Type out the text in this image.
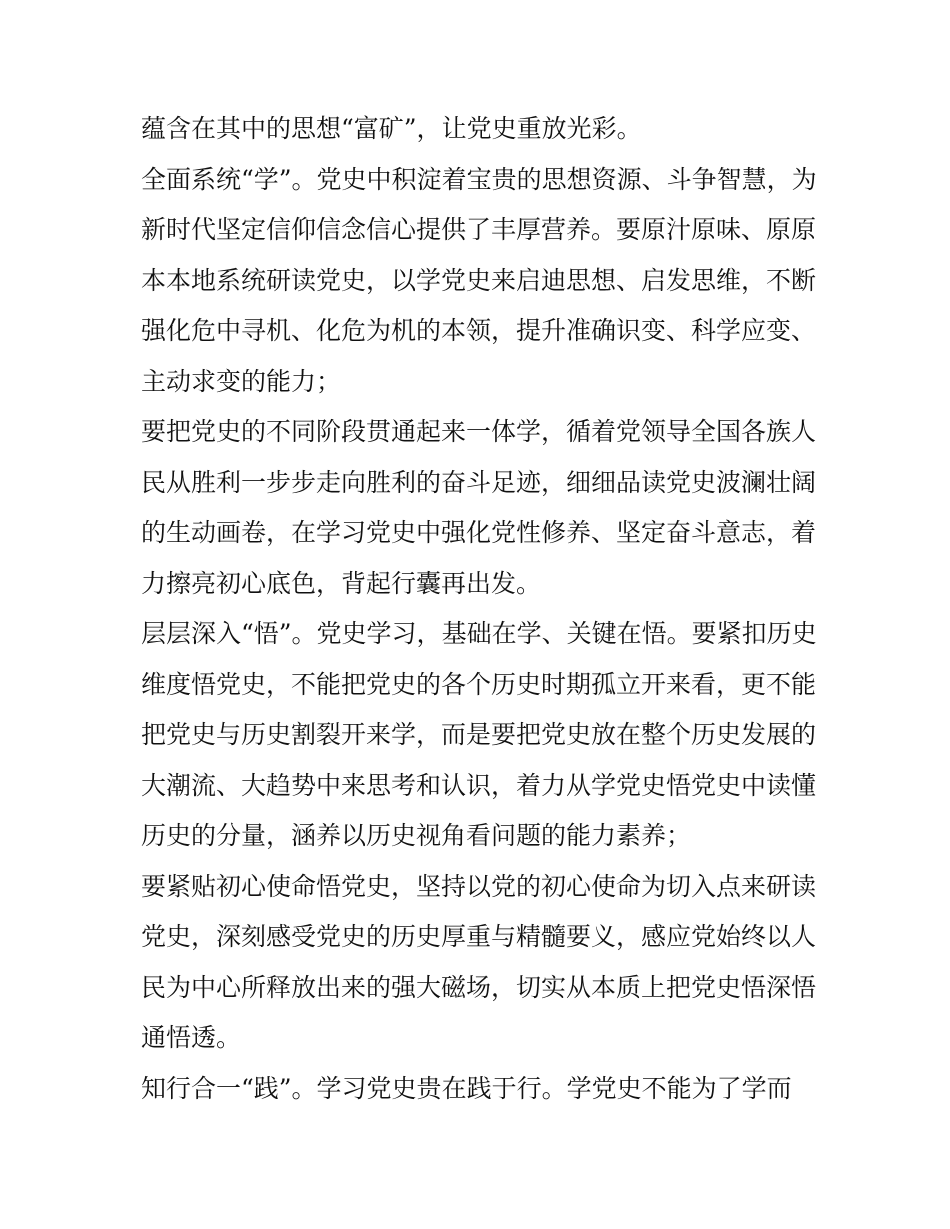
蕴含在其中的思想“富矿”，让党史重放光彩。
全面系统“学”。党史中积淀着宝贵的思想资源、斗争智慧，为
新时代坚定信仰信念信心提供了丰厚营养。要原汁原味、原原
本本地系统研读党史，以学党史来启迪思想、启发思维，不断
强化危中寻机、化危为机的本领，提升准确识变、科学应变、
主动求变的能力；
要把党史的不同阶段贯通起来一体学，循着党领导全国各族人
民从胜利一步步走向胜利的奋斗足迹，细细品读党史波澜壮阔
的生动画卷，在学习党史中强化党性修养、坚定奋斗意志，着
力擦亮初心底色，背起行囊再出发。
层层深入“悟”。党史学习，基础在学、关键在悟。要紧扣历史
维度悟党史，不能把党史的各个历史时期孤立开来看，更不能
把党史与历史割裂开来学，而是要把党史放在整个历史发展的
大潮流、大趋势中来思考和认识，着力从学党史悟党史中读懂
历史的分量，涵养以历史视角看问题的能力素养；
要紧贴初心使命悟党史，坚持以党的初心使命为切入点来研读
党史，深刻感受党史的历史厚重与精髓要义，感应党始终以人
民为中心所释放出来的强大磁场，切实从本质上把党史悟深悟
通悟透。
知行合一“践”。学习党史贵在践于行。学党史不能为了学而
